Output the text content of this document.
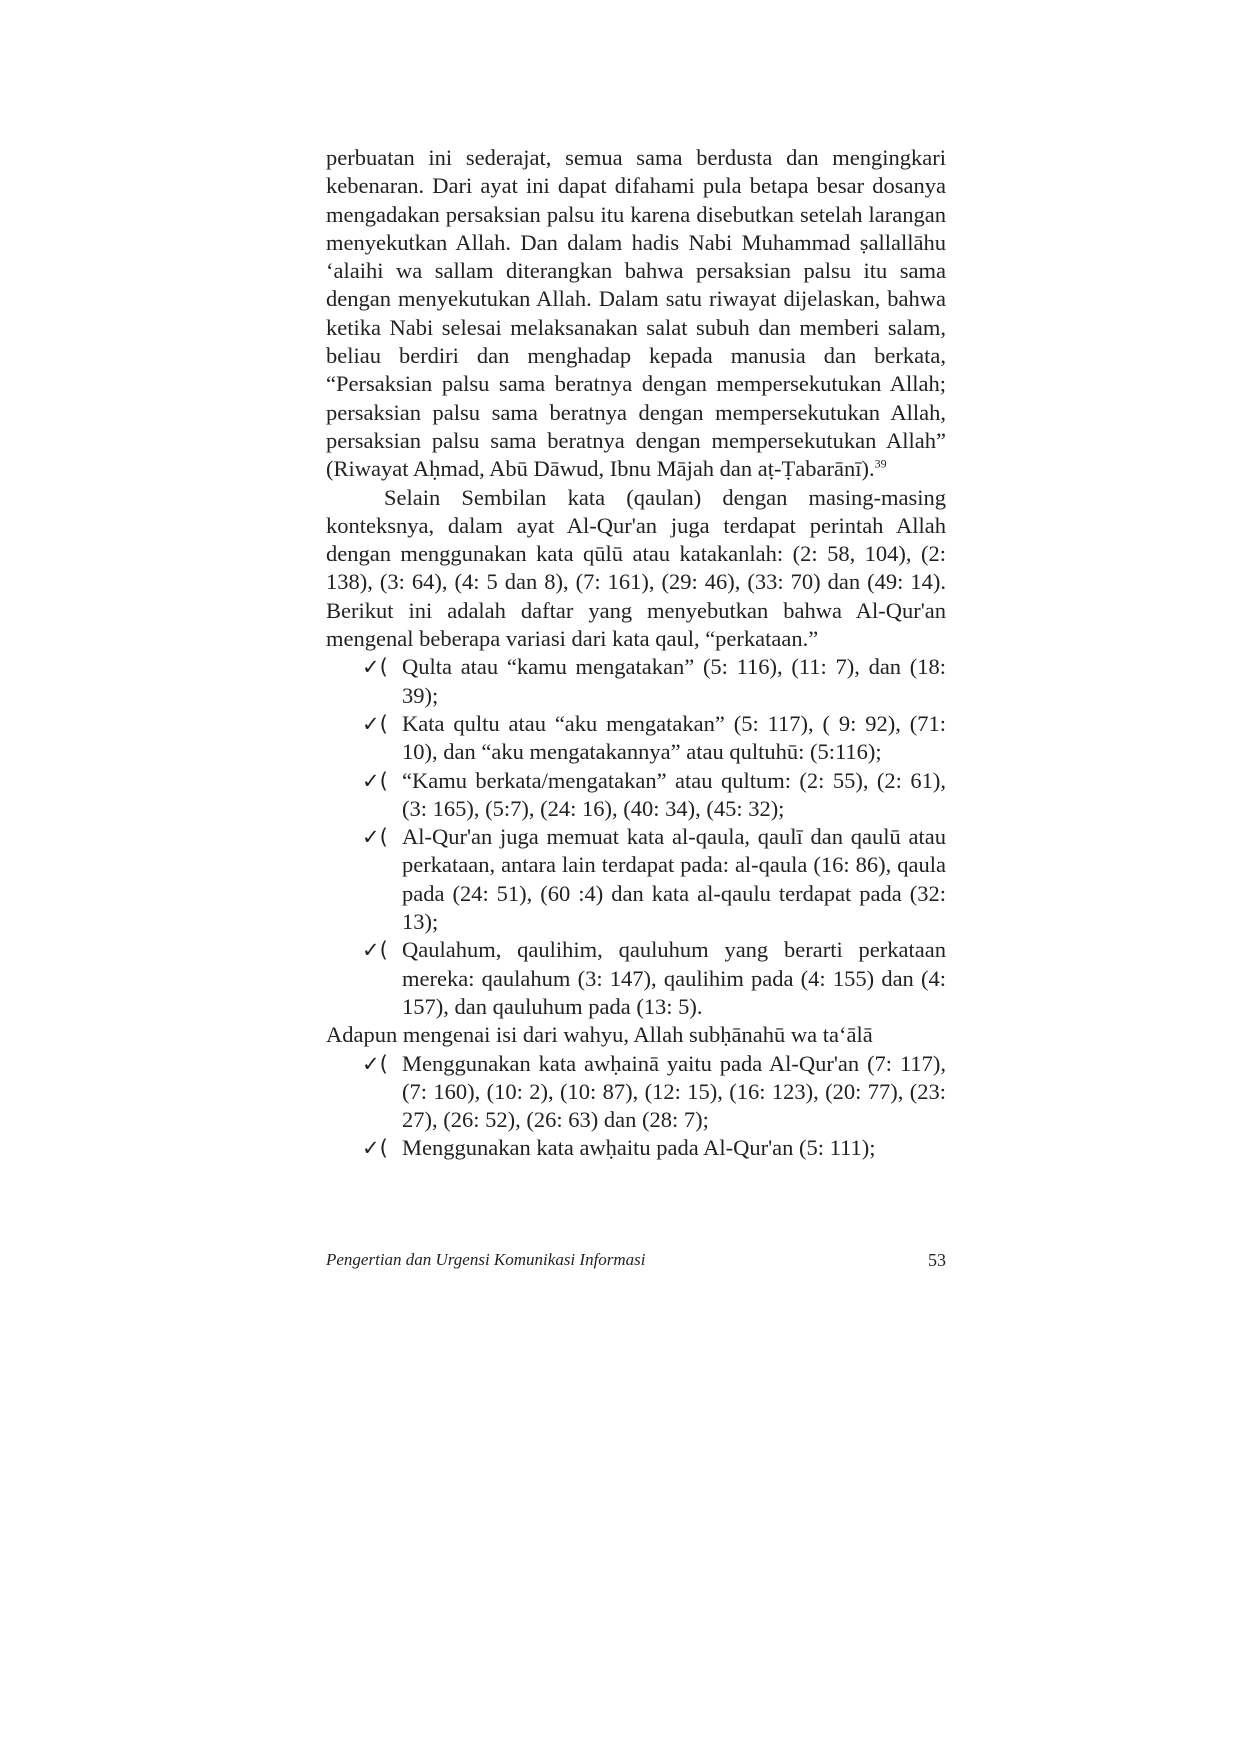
perbuatan ini sederajat, semua sama berdusta dan mengingkari kebenaran. Dari ayat ini dapat difahami pula betapa besar dosanya mengadakan persaksian palsu itu karena disebutkan setelah larangan menyekutkan Allah. Dan dalam hadis Nabi Muhammad ṣallallāhu ‘alaihi wa sallam diterangkan bahwa persaksian palsu itu sama dengan menyekutukan Allah. Dalam satu riwayat dijelaskan, bahwa ketika Nabi selesai melaksanakan salat subuh dan memberi salam, beliau berdiri dan menghadap kepada manusia dan berkata, “Persaksian palsu sama beratnya dengan mempersekutukan Allah; persaksian palsu sama beratnya dengan mempersekutukan Allah, persaksian palsu sama beratnya dengan mempersekutukan Allah” (Riwayat Aḥmad, Abū Dāwud, Ibnu Mājah dan aṭ-Ṭabarānī).$^{39}$

Selain Sembilan kata (qaulan) dengan masing-masing konteksnya, dalam ayat Al-Qur'an juga terdapat perintah Allah dengan menggunakan kata qūlū atau katakanlah: (2: 58, 104), (2: 138), (3: 64), (4: 5 dan 8), (7: 161), (29: 46), (33: 70) dan (49: 14). Berikut ini adalah daftar yang menyebutkan bahwa Al-Qur'an mengenal beberapa variasi dari kata qaul, “perkataan.”

✓( Qulta atau “kamu mengatakan” (5: 116), (11: 7), dan (18: 39);
✓( Kata qultu atau “aku mengatakan” (5: 117), ( 9: 92), (71: 10), dan “aku mengatakannya” atau qultuhū: (5:116);
✓( “Kamu berkata/mengatakan” atau qultum: (2: 55), (2: 61), (3: 165), (5:7), (24: 16), (40: 34), (45: 32);
✓( Al-Qur'an juga memuat kata al-qaula, qaulī dan qaulū atau perkataan, antara lain terdapat pada: al-qaula (16: 86), qaula pada (24: 51), (60 :4) dan kata al-qaulu terdapat pada (32: 13);
✓( Qaulahum, qaulihim, qauluhum yang berarti perkataan mereka: qaulahum (3: 147), qaulihim pada (4: 155) dan (4: 157), dan qauluhum pada (13: 5).

Adapun mengenai isi dari wahyu, Allah subḥānahū wa ta‘ālā

✓( Menggunakan kata awḥainā yaitu pada Al-Qur'an (7: 117), (7: 160), (10: 2), (10: 87), (12: 15), (16: 123), (20: 77), (23: 27), (26: 52), (26: 63) dan (28: 7);
✓( Menggunakan kata awḥaitu pada Al-Qur'an (5: 111);
Pengertian dan Urgensi Komunikasi Informasi	53
